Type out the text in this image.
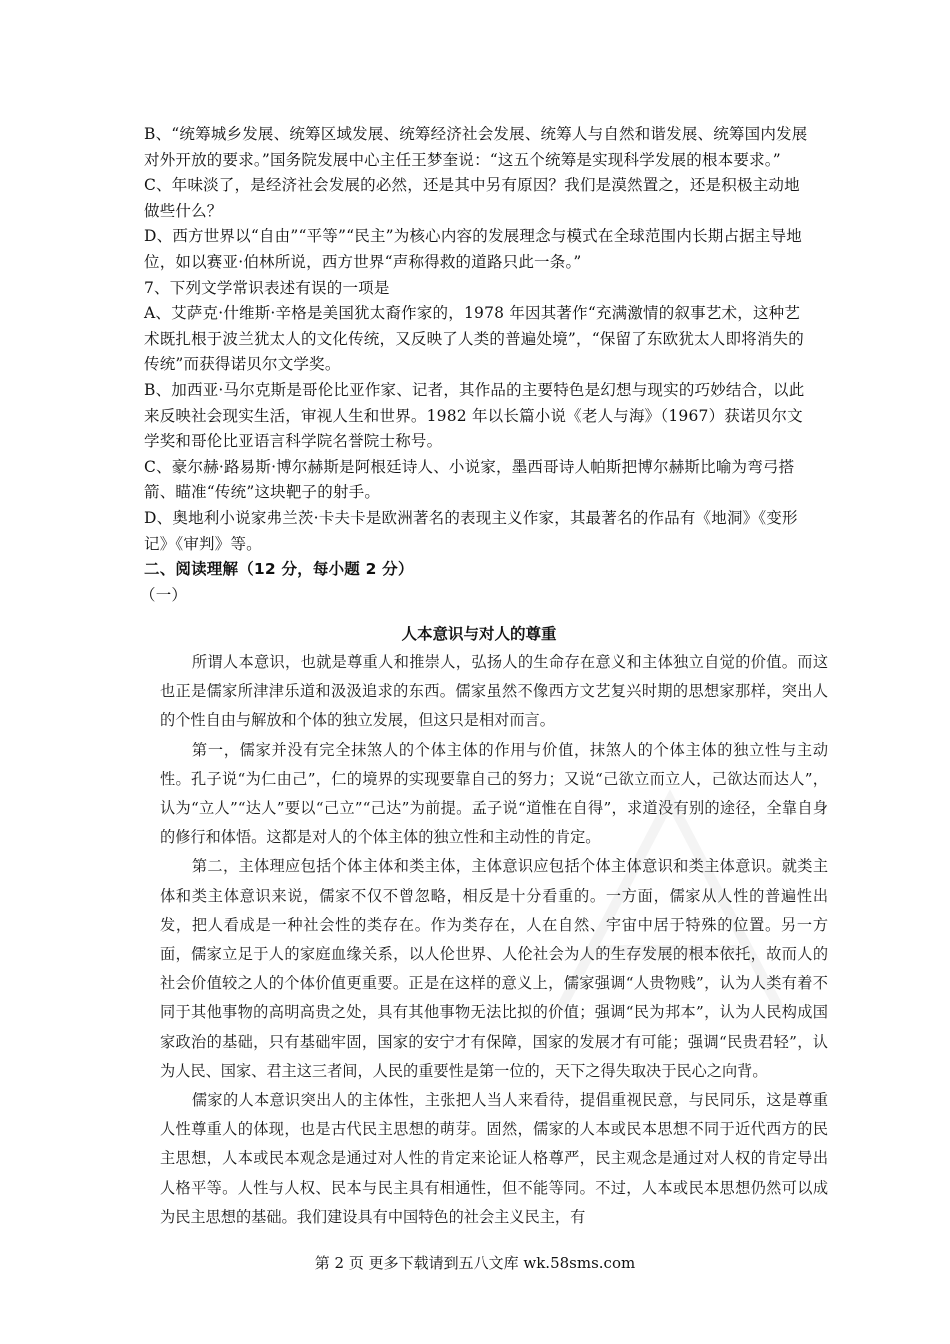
B、“统筹城乡发展、统筹区域发展、统筹经济社会发展、统筹人与自然和谐发展、统筹国内发展对外开放的要求。”国务院发展中心主任王梦奎说：“这五个统筹是实现科学发展的根本要求。”

C、年味淡了，是经济社会发展的必然，还是其中另有原因？我们是漠然置之，还是积极主动地做些什么？

D、西方世界以“自由”“平等”“民主”为核心内容的发展理念与模式在全球范围内长期占据主导地位，如以赛亚·伯林所说，西方世界“声称得救的道路只此一条。”

7、下列文学常识表述有误的一项是

A、艾萨克·什维斯·辛格是美国犹太裔作家的，1978 年因其著作“充满激情的叙事艺术，这种艺术既扎根于波兰犹太人的文化传统，又反映了人类的普遍处境”，“保留了东欧犹太人即将消失的传统”而获得诺贝尔文学奖。

B、加西亚·马尔克斯是哥伦比亚作家、记者，其作品的主要特色是幻想与现实的巧妙结合，以此来反映社会现实生活，审视人生和世界。1982 年以长篇小说《老人与海》（1967）获诺贝尔文学奖和哥伦比亚语言科学院名誉院士称号。

C、豪尔赫·路易斯·博尔赫斯是阿根廷诗人、小说家，墨西哥诗人帕斯把博尔赫斯比喻为弯弓搭箭、瞄准“传统”这块靶子的射手。

D、奥地利小说家弗兰茨·卡夫卡是欧洲著名的表现主义作家，其最著名的作品有《地洞》《变形记》《审判》等。

二、阅读理解（12 分，每小题 2 分）

（一）

人本意识与对人的尊重

所谓人本意识，也就是尊重人和推崇人，弘扬人的生命存在意义和主体独立自觉的价值。而这也正是儒家所津津乐道和汲汲追求的东西。儒家虽然不像西方文艺复兴时期的思想家那样，突出人的个性自由与解放和个体的独立发展，但这只是相对而言。

第一，儒家并没有完全抹煞人的个体主体的作用与价值，抹煞人的个体主体的独立性与主动性。孔子说“为仁由己”，仁的境界的实现要靠自己的努力；又说“己欲立而立人，己欲达而达人”，认为“立人”“达人”要以“己立”“己达”为前提。孟子说“道惟在自得”，求道没有别的途径，全靠自身的修行和体悟。这都是对人的个体主体的独立性和主动性的肯定。

第二，主体理应包括个体主体和类主体，主体意识应包括个体主体意识和类主体意识。就类主体和类主体意识来说，儒家不仅不曾忽略，相反是十分看重的。一方面，儒家从人性的普遍性出发，把人看成是一种社会性的类存在。作为类存在，人在自然、宇宙中居于特殊的位置。另一方面，儒家立足于人的家庭血缘关系，以人伦世界、人伦社会为人的生存发展的根本依托，故而人的社会价值较之人的个体价值更重要。正是在这样的意义上，儒家强调“人贵物贱”，认为人类有着不同于其他事物的高明高贵之处，具有其他事物无法比拟的价值；强调“民为邦本”，认为人民构成国家政治的基础，只有基础牢固，国家的安宁才有保障，国家的发展才有可能；强调“民贵君轻”，认为人民、国家、君主这三者间，人民的重要性是第一位的，天下之得失取决于民心之向背。

儒家的人本意识突出人的主体性，主张把人当人来看待，提倡重视民意，与民同乐，这是尊重人性尊重人的体现，也是古代民主思想的萌芽。固然，儒家的人本或民本思想不同于近代西方的民主思想，人本或民本观念是通过对人性的肯定来论证人格尊严，民主观念是通过对人权的肯定导出人格平等。人性与人权、民本与民主具有相通性，但不能等同。不过，人本或民本思想仍然可以成为民主思想的基础。我们建设具有中国特色的社会主义民主，有

第 2 页 更多下载请到五八文库 wk.58sms.com
